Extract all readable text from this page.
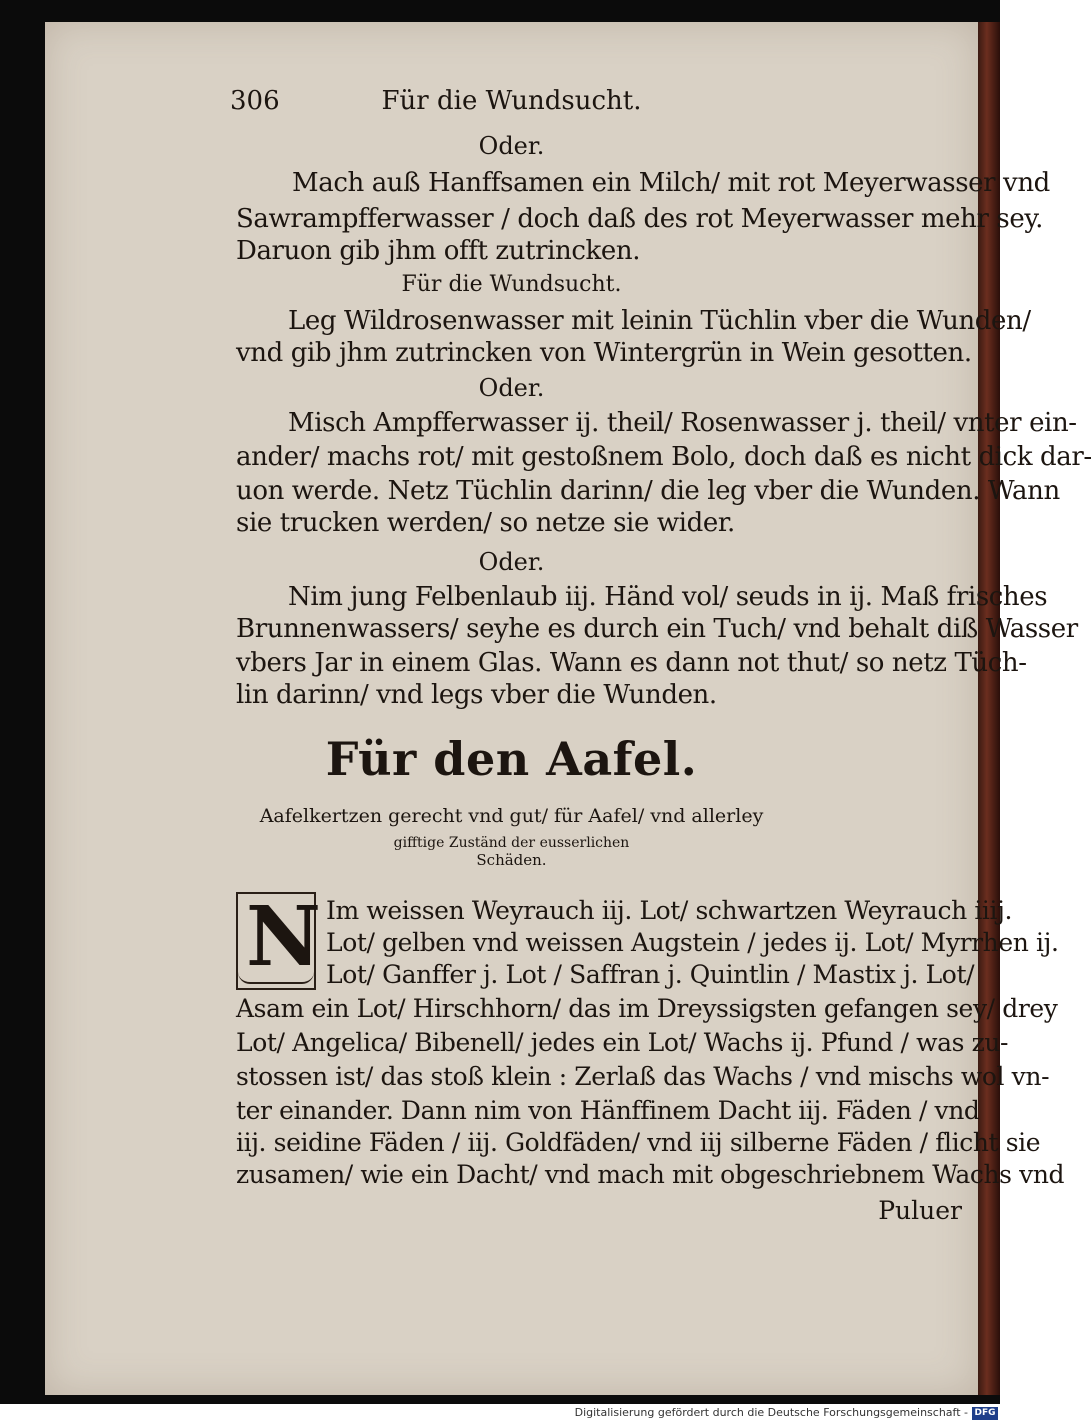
306	Für die Wundsucht.
Oder.
Mach auß Hanffsamen ein Milch/ mit rot Meyerwasser vnd
Sawrampfferwasser / doch daß des rot Meyerwasser mehr sey.
Daruon gib jhm offt zutrincken.
Für die Wundsucht.
Leg Wildrosenwasser mit leinin Tüchlin vber die Wunden/
vnd gib jhm zutrincken von Wintergrün in Wein gesotten.
Oder.
Misch Ampfferwasser ij. theil/ Rosenwasser j. theil/ vnter ein-
ander/ machs rot/ mit gestoßnem Bolo, doch daß es nicht dick dar-
uon werde. Netz Tüchlin darinn/ die leg vber die Wunden. Wann
sie trucken werden/ so netze sie wider.
Oder.
Nim jung Felbenlaub iij. Händ vol/ seuds in ij. Maß frisches
Brunnenwassers/ seyhe es durch ein Tuch/ vnd behalt diß Wasser
vbers Jar in einem Glas. Wann es dann not thut/ so netz Tüch-
lin darinn/ vnd legs vber die Wunden.
Für den Aafel.
Aafelkertzen gerecht vnd gut/ für Aafel/ vnd allerley
gifftige Zuständ der eusserlichen
Schäden.
N Im weissen Weyrauch iij. Lot/ schwartzen Weyrauch iiij.
Lot/ gelben vnd weissen Augstein / jedes ij. Lot/ Myrrhen ij.
Lot/ Ganffer j. Lot / Saffran j. Quintlin / Mastix j. Lot/
Asam ein Lot/ Hirschhorn/ das im Dreyssigsten gefangen sey/ drey
Lot/ Angelica/ Bibenell/ jedes ein Lot/ Wachs ij. Pfund / was zu-
stossen ist/ das stoß klein : Zerlaß das Wachs / vnd mischs wol vn-
ter einander. Dann nim von Hänffinem Dacht iij. Fäden / vnd
iij. seidine Fäden / iij. Goldfäden/ vnd iij silberne Fäden / flicht sie
zusamen/ wie ein Dacht/ vnd mach mit obgeschriebnem Wachs vnd
Puluer
Digitalisierung gefördert durch die Deutsche Forschungsgemeinschaft - DFG
